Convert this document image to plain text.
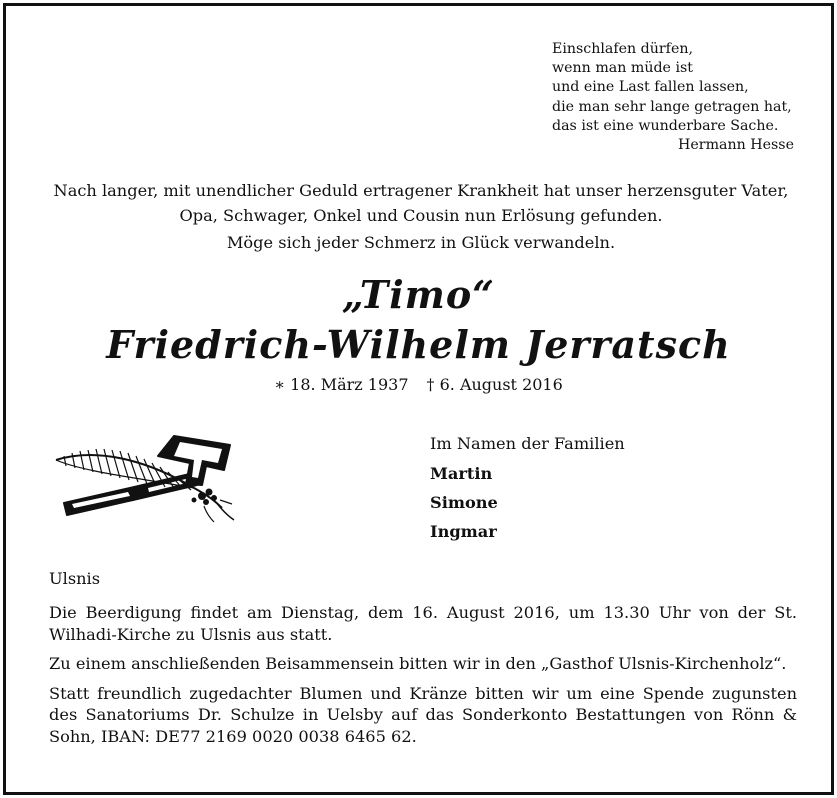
Einschlafen dürfen,
wenn man müde ist
und eine Last fallen lassen,
die man sehr lange getragen hat,
das ist eine wunderbare Sache.
Hermann Hesse
Nach langer, mit unendlicher Geduld ertragener Krankheit hat unser herzensguter Vater,
Opa, Schwager, Onkel und Cousin nun Erlösung gefunden.
Möge sich jeder Schmerz in Glück verwandeln.
„Timo“
Friedrich-Wilhelm Jerratsch
∗ 18. März 1937 † 6. August 2016
Im Namen der Familien
Martin
Simone
Ingmar
Ulsnis

Die Beerdigung findet am Dienstag, dem 16. August 2016, um 13.30 Uhr von der St. Wilhadi-Kirche zu Ulsnis aus statt.

Zu einem anschließenden Beisammensein bitten wir in den „Gasthof Ulsnis-Kirchenholz“.

Statt freundlich zugedachter Blumen und Kränze bitten wir um eine Spende zugunsten des Sanatoriums Dr. Schulze in Uelsby auf das Sonderkonto Bestattungen von Rönn & Sohn, IBAN: DE77 2169 0020 0038 6465 62.
